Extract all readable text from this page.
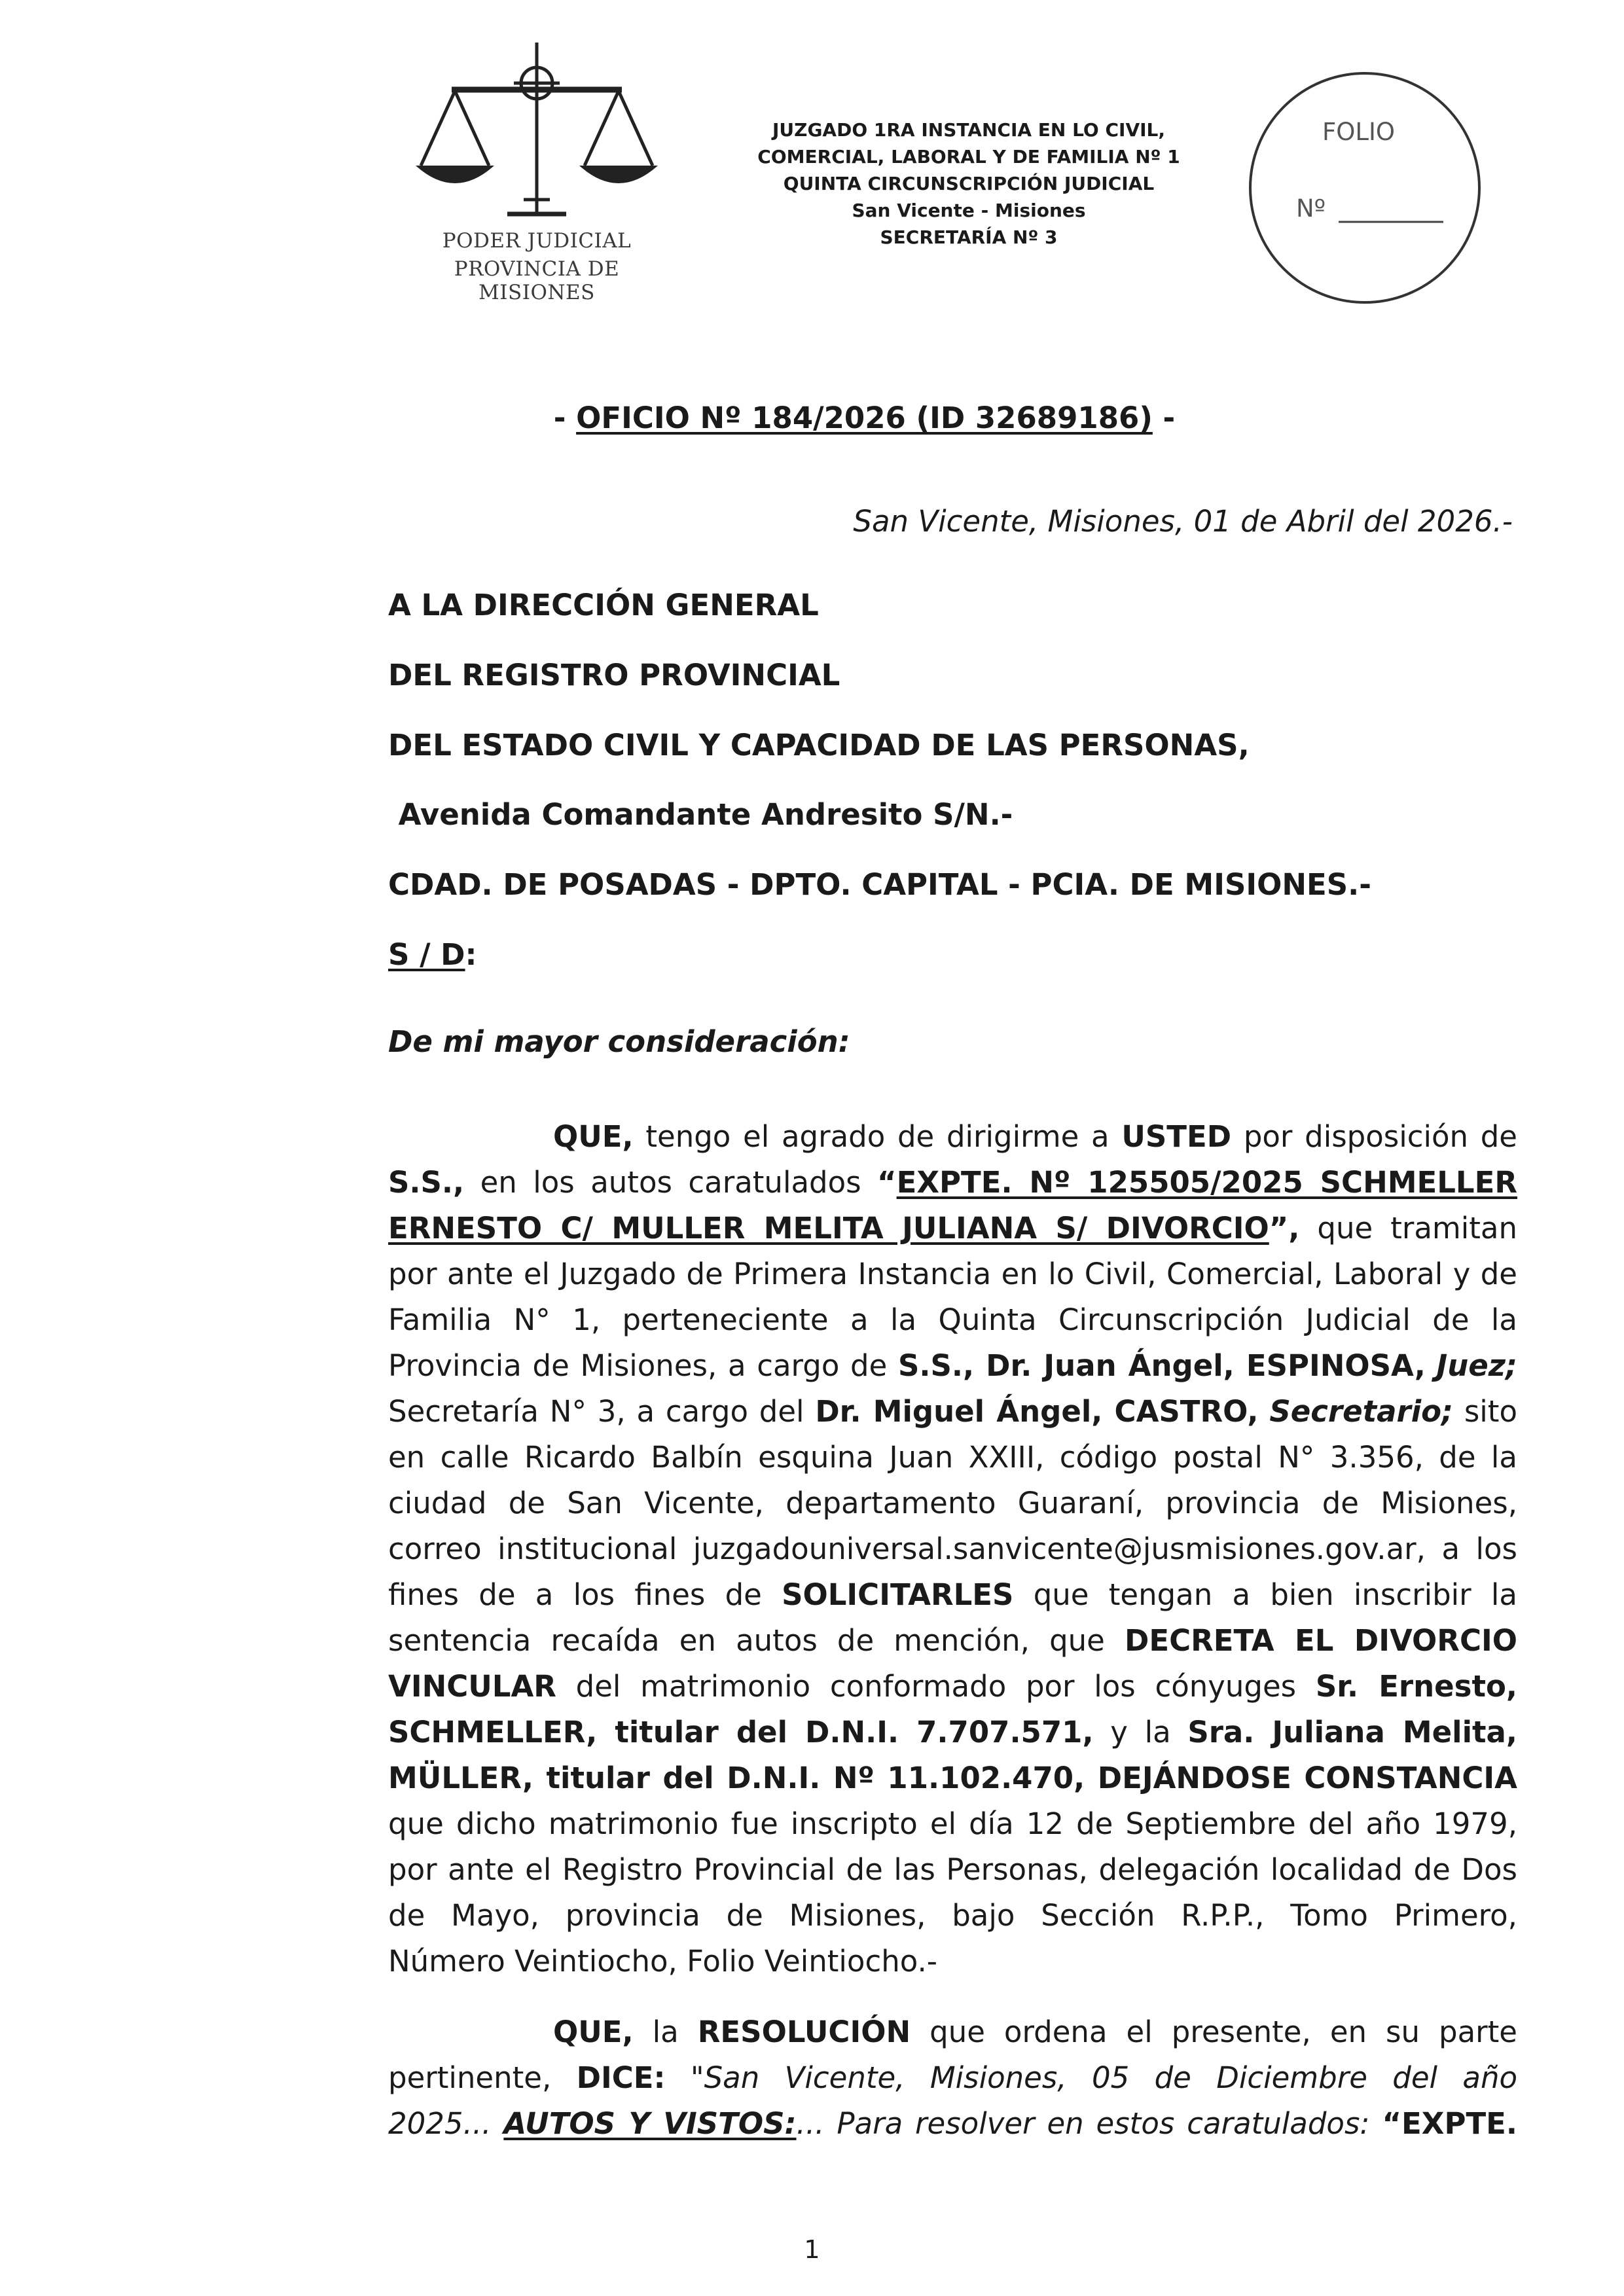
PODER JUDICIAL
PROVINCIA DE MISIONES
JUZGADO 1RA INSTANCIA EN LO CIVIL,
COMERCIAL, LABORAL Y DE FAMILIA Nº 1
QUINTA CIRCUNSCRIPCIÓN JUDICIAL
San Vicente - Misiones
SECRETARÍA Nº 3
FOLIO
Nº
- OFICIO Nº 184/2026 (ID 32689186) -
San Vicente, Misiones, 01 de Abril del 2026.-
A LA DIRECCIÓN GENERAL
DEL REGISTRO PROVINCIAL
DEL ESTADO CIVIL Y CAPACIDAD DE LAS PERSONAS,
Avenida Comandante Andresito S/N.-
CDAD. DE POSADAS - DPTO. CAPITAL - PCIA. DE MISIONES.-
S / D:
De mi mayor consideración:
QUE, tengo el agrado de dirigirme a USTED por disposición de
S.S., en los autos caratulados “EXPTE. Nº 125505/2025 SCHMELLER
ERNESTO C/ MULLER MELITA JULIANA S/ DIVORCIO”, que tramitan
por ante el Juzgado de Primera Instancia en lo Civil, Comercial, Laboral y de
Familia N° 1, perteneciente a la Quinta Circunscripción Judicial de la
Provincia de Misiones, a cargo de S.S., Dr. Juan Ángel, ESPINOSA, Juez;
Secretaría N° 3, a cargo del Dr. Miguel Ángel, CASTRO, Secretario; sito
en calle Ricardo Balbín esquina Juan XXIII, código postal N° 3.356, de la
ciudad de San Vicente, departamento Guaraní, provincia de Misiones,
correo institucional juzgadouniversal.sanvicente@jusmisiones.gov.ar, a los
fines de a los fines de SOLICITARLES que tengan a bien inscribir la
sentencia recaída en autos de mención, que DECRETA EL DIVORCIO
VINCULAR del matrimonio conformado por los cónyuges Sr. Ernesto,
SCHMELLER, titular del D.N.I. 7.707.571, y la Sra. Juliana Melita,
MÜLLER, titular del D.N.I. Nº 11.102.470, DEJÁNDOSE CONSTANCIA
que dicho matrimonio fue inscripto el día 12 de Septiembre del año 1979,
por ante el Registro Provincial de las Personas, delegación localidad de Dos
de Mayo, provincia de Misiones, bajo Sección R.P.P., Tomo Primero,
Número Veintiocho, Folio Veintiocho.-
QUE, la RESOLUCIÓN que ordena el presente, en su parte
pertinente, DICE: "San Vicente, Misiones, 05 de Diciembre del año
2025... AUTOS Y VISTOS:... Para resolver en estos caratulados: “EXPTE.
1
